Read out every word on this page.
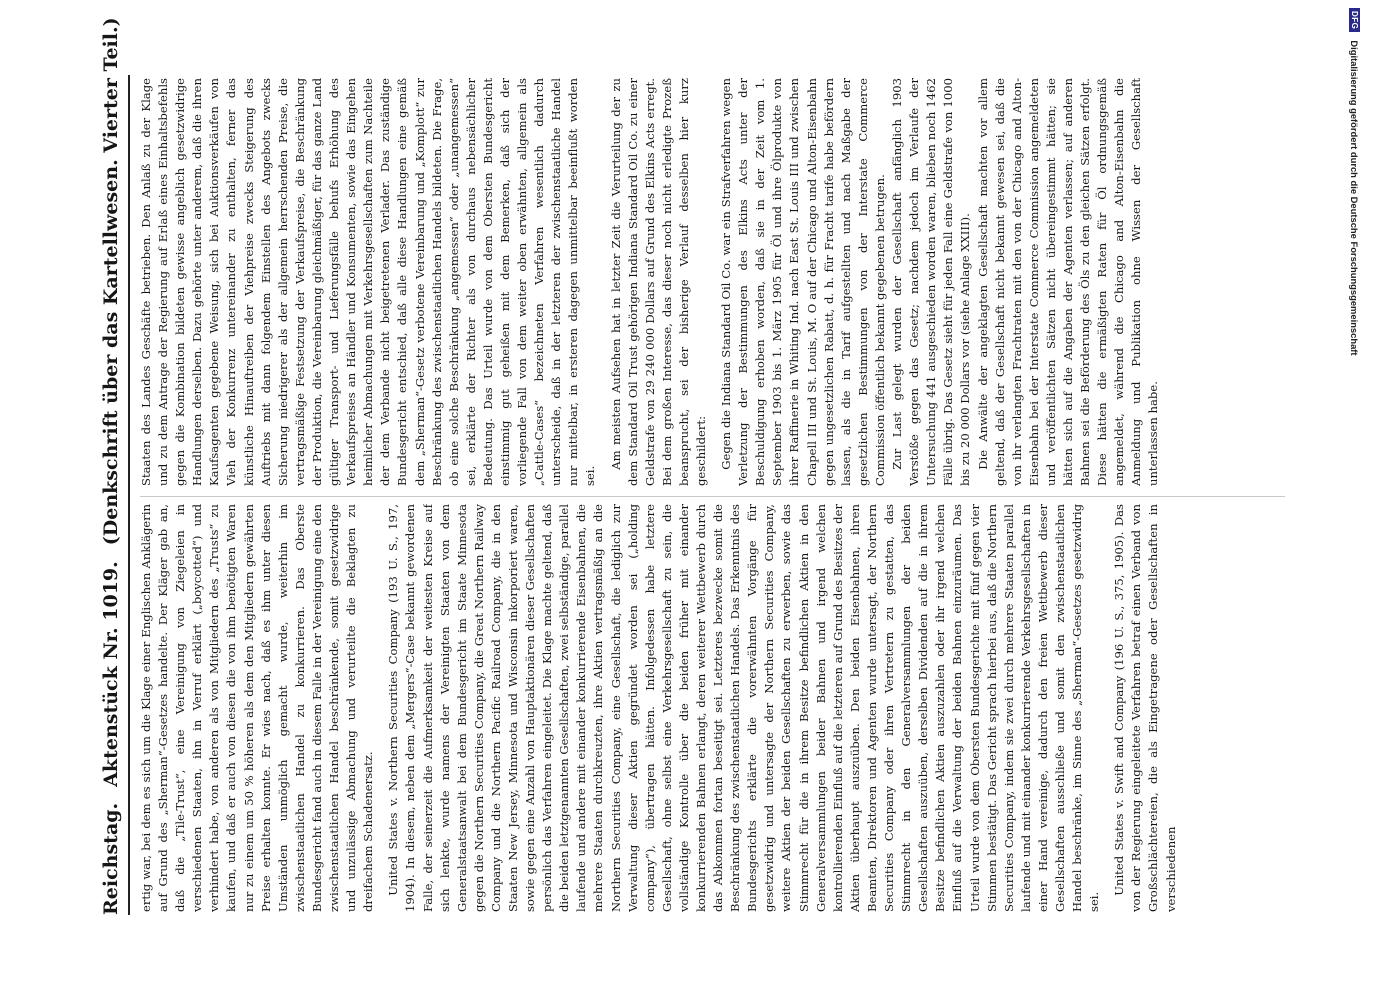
Reichstag.
Aktenstück Nr. 1019.
(Denkschrift über das Kartellwesen. Vierter Teil.)

ertig war, bei dem es sich um die Klage einer Englischen Anklägerin auf Grund des „Sherman“-Gesetzes handelte. Der Kläger gab an, daß die „Tile-Trust“, eine Vereinigung von Ziegeleien in verschiedenen Staaten, ihn in Verruf erklärt („boycotted“) und verhindert habe, von anderen als von Mitgliedern des „Trusts“ zu kaufen, und daß er auch von diesen die von ihm benötigten Waren nur zu einem um 50 % höheren als dem den Mitgliedern gewährten Preise erhalten konnte. Er wies nach, daß es ihm unter diesen Umständen unmöglich gemacht wurde, weiterhin im zwischenstaatlichen Handel zu konkurrieren. Das Oberste Bundesgericht fand auch in diesem Falle in der Vereinigung eine den zwischenstaatlichen Handel beschränkende, somit gesetzwidrige und unzulässige Abmachung und verurteilte die Beklagten zu dreifachem Schadenersatz. United States v. Northern Securities Company (193 U. S., 197, 1904). In diesem, neben dem „Mergers“-Case bekannt gewordenen Falle, der seinerzeit die Aufmerksamkeit der weitesten Kreise auf sich lenkte, wurde namens der Vereinigten Staaten von dem Generalstaatsanwalt bei dem Bundesgericht im Staate Minnesota gegen die Northern Securities Company, die Great Northern Railway Company und die Northern Pacific Railroad Company, die in den Staaten New Jersey, Minnesota und Wisconsin inkorporiert waren, sowie gegen eine Anzahl von Hauptaktionären dieser Gesellschaften persönlich das Verfahren eingeleitet. Die Klage machte geltend, daß die beiden letztgenannten Gesellschaften, zwei selbständige, parallel laufende und andere mit einander konkurrierende Eisenbahnen, die mehrere Staaten durchkreuzten, ihre Aktien vertragsmäßig an die Northern Securities Company, eine Gesellschaft, die lediglich zur Verwaltung dieser Aktien gegründet worden sei („holding company“), übertragen hätten. Infolgedessen habe letztere Gesellschaft, ohne selbst eine Verkehrsgesellschaft zu sein, die vollständige Kontrolle über die beiden früher mit einander konkurrierenden Bahnen erlangt, deren weiterer Wettbewerb durch das Abkommen fortan beseitigt sei. Letzteres bezwecke somit die Beschränkung des zwischenstaatlichen Handels. Das Erkenntnis des Bundesgerichts erklärte die vorerwähnten Vorgänge für gesetzwidrig und untersagte der Northern Securities Company, weitere Aktien der beiden Gesellschaften zu erwerben, sowie das Stimmrecht für die in ihrem Besitze befindlichen Aktien in den Generalversammlungen beider Bahnen und irgend welchen kontrollierenden Einfluß auf die letzteren auf Grund des Besitzes der Aktien überhaupt auszuüben. Den beiden Eisenbahnen, ihren Beamten, Direktoren und Agenten wurde untersagt, der Northern Securities Company oder ihren Vertretern zu gestatten, das Stimmrecht in den Generalversammlungen der beiden Gesellschaften auszuüben, derselben Dividenden auf die in ihrem Besitze befindlichen Aktien auszuzahlen oder ihr irgend welchen Einfluß auf die Verwaltung der beiden Bahnen einzuräumen. Das Urteil wurde von dem Obersten Bundesgerichte mit fünf gegen vier Stimmen bestätigt. Das Gericht sprach hierbei aus, daß die Northern Securities Company, indem sie zwei durch mehrere Staaten parallel laufende und mit einander konkurrierende Verkehrsgesellschaften in einer Hand vereinige, dadurch den freien Wettbewerb dieser Gesellschaften ausschließe und somit den zwischenstaatlichen Handel beschränke, im Sinne des „Sherman“-Gesetzes gesetzwidrig sei.

United States v. Swift and Company (196 U. S., 375, 1905). Das von der Regierung eingeleitete Verfahren betraf einen Verband von Großschlächtereien, die als Eingetragene oder Gesellschaften in verschiedenen

Staaten des Landes Geschäfte betrieben. Den Anlaß zu der Klage und zu dem Antrage der Regierung auf Erlaß eines Einhaltsbefehls gegen die Kombination bildeten gewisse angeblich gesetzwidrige Handlungen derselben. Dazu gehörte unter anderem, daß die ihren Kaufsagenten gegebene Weisung, sich bei Auktionsverkäufen von Vieh der Konkurrenz untereinander zu enthalten, ferner das künstliche Hinauftreiben der Viehpreise zwecks Steigerung des Auftriebs mit dann folgendem Einstellen des Angebots zwecks Sicherung niedrigerer als der allgemein herrschenden Preise, die vertragsmäßige Festsetzung der Verkaufspreise, die Beschränkung der Produktion, die Vereinbarung gleichmäßiger, für das ganze Land gültiger Transport- und Lieferungsfälle behufs Erhöhung des Verkaufspreises an Händler und Konsumenten, sowie das Eingehen heimlicher Abmachungen mit Verkehrsgesellschaften zum Nachteile der dem Verbande nicht beigetretenen Verlader. Das zuständige Bundesgericht entschied, daß alle diese Handlungen eine gemäß dem „Sherman“-Gesetz verbotene Vereinbarung und „Komplott“ zur Beschränkung des zwischenstaatlichen Handels bildeten. Die Frage, ob eine solche Beschränkung „angemessen“ oder „unangemessen“ sei, erklärte der Richter als von durchaus nebensächlicher Bedeutung. Das Urteil wurde von dem Obersten Bundesgericht einstimmig gut geheißen mit dem Bemerken, daß sich der vorliegende Fall von dem weiter oben erwähnten, allgemein als „Cattle-Cases“ bezeichneten Verfahren wesentlich dadurch unterscheide, daß in der letzteren der zwischenstaatliche Handel nur mittelbar, in ersteren dagegen unmittelbar beeinflußt worden sei.

Am meisten Aufsehen hat in letzter Zeit die Verurteilung der zu dem Standard Oil Trust gehörigen Indiana Standard Oil Co. zu einer Geldstrafe von 29 240 000 Dollars auf Grund des Elkins Acts erregt. Bei dem großen Interesse, das dieser noch nicht erledigte Prozeß beansprucht, sei der bisherige Verlauf desselben hier kurz geschildert: Gegen die Indiana Standard Oil Co. war ein Strafverfahren wegen Verletzung der Bestimmungen des Elkins Acts unter der Beschuldigung erhoben worden, daß sie in der Zeit vom 1. September 1903 bis 1. März 1905 für Öl und ihre Ölprodukte von ihrer Raffinerie in Whiting Ind. nach East St. Louis III und zwischen Chapell III und St. Louis, M. O auf der Chicago und Alton-Eisenbahn gegen ungesetzlichen Rabatt, d. h. für Fracht tarife habe befördern lassen, als die in Tarif aufgestellten und nach Maßgabe der gesetzlichen Bestimmungen von der Interstate Commerce Commission öffentlich bekannt gegebenen betrugen. Zur Last gelegt wurden der Gesellschaft anfänglich 1903 Verstöße gegen das Gesetz; nachdem jedoch im Verlaufe der Untersuchung 441 ausgeschieden worden waren, blieben noch 1462 Fälle übrig. Das Gesetz sieht für jeden Fall eine Geldstrafe von 1000 bis zu 20 000 Dollars vor (siehe Anlage XXIII). Die Anwälte der angeklagten Gesellschaft machten vor allem geltend, daß der Gesellschaft nicht bekannt gewesen sei, daß die von ihr verlangten Frachtraten mit den von der Chicago and Alton-Eisenbahn bei der Interstate Commerce Commission angemeldeten und veröffentlichten Sätzen nicht übereingestimmt hätten; sie hätten sich auf die Angaben der Agenten verlassen; auf anderen Bahnen sei die Beförderung des Öls zu den gleichen Sätzen erfolgt. Diese hätten die ermäßigten Raten für Öl ordnungsgemäß angemeldet, während die Chicago and Alton-Eisenbahn die Anmeldung und Publikation ohne Wissen der Gesellschaft unterlassen habe.

DFG
Digitalisierung gefördert durch die Deutsche Forschungsgemeinschaft
